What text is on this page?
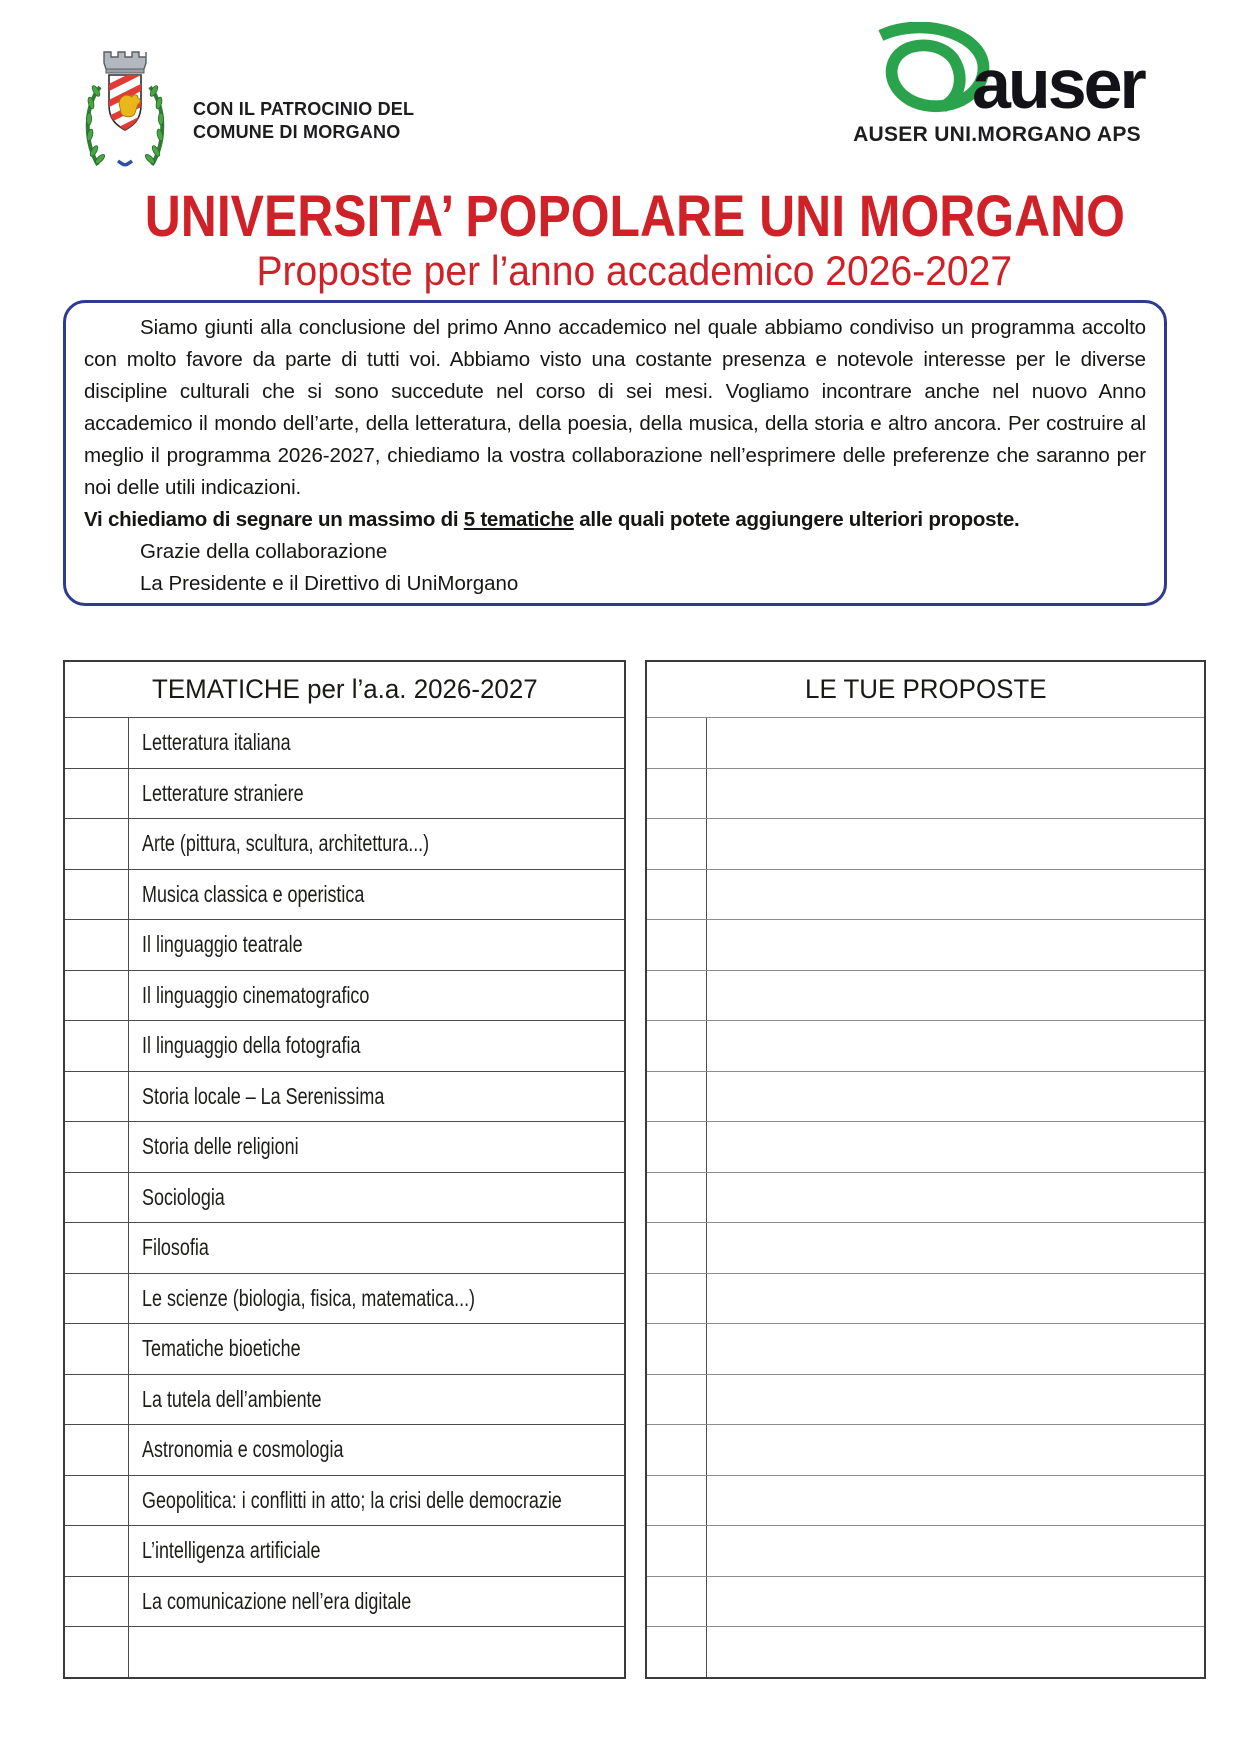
CON IL PATROCINIO DEL
COMUNE DI MORGANO
auser
AUSER UNI.MORGANO APS
UNIVERSITA’ POPOLARE UNI MORGANO
Proposte per l’anno accademico 2026-2027

Siamo giunti alla conclusione del primo Anno accademico nel quale abbiamo condiviso un programma accolto con molto favore da parte di tutti voi. Abbiamo visto una costante presenza e notevole interesse per le diverse discipline culturali che si sono succedute nel corso di sei mesi. Vogliamo incontrare anche nel nuovo Anno accademico il mondo dell’arte, della letteratura, della poesia, della musica, della storia e altro ancora. Per costruire al meglio il programma 2026-2027, chiediamo la vostra collaborazione nell’esprimere delle preferenze che saranno per noi delle utili indicazioni.

Vi chiediamo di segnare un massimo di 5 tematiche alle quali potete aggiungere ulteriori proposte.

Grazie della collaborazione

La Presidente e il Direttivo di UniMorgano

TEMATICHE per l’a.a. 2026-2027
Letteratura italiana
Letterature straniere
Arte (pittura, scultura, architettura...)
Musica classica e operistica
Il linguaggio teatrale
Il linguaggio cinematografico
Il linguaggio della fotografia
Storia locale – La Serenissima
Storia delle religioni
Sociologia
Filosofia
Le scienze (biologia, fisica, matematica...)
Tematiche bioetiche
La tutela dell’ambiente
Astronomia e cosmologia
Geopolitica: i conflitti in atto; la crisi delle democrazie
L’intelligenza artificiale
La comunicazione nell’era digitale
LE TUE PROPOSTE
